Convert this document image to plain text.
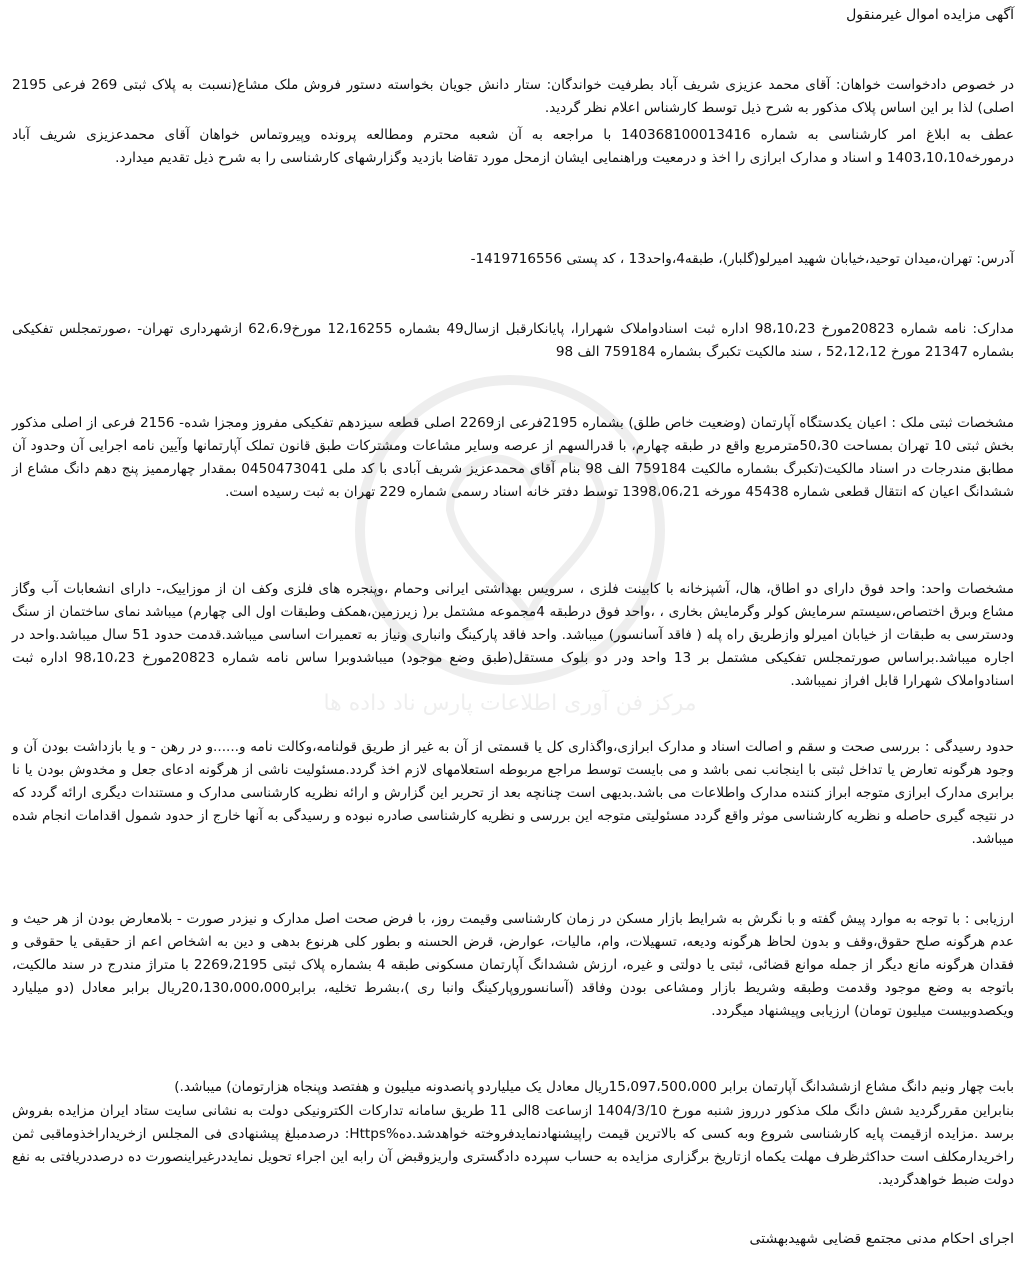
مرکز فن آوری اطلاعات پارس ناد داده ها

آگهی مزایده اموال غیرمنقول

در خصوص دادخواست خواهان: آقای محمد عزیزی شریف آباد بطرفیت خواندگان: ستار دانش جویان بخواسته دستور فروش ملک مشاع(نسبت به پلاک ثبتی 269 فرعی 2195 اصلی) لذا بر این اساس پلاک مذکور به شرح ذیل توسط کارشناس اعلام نظر گردید.

عطف به ابلاغ امر کارشناسی به شماره 140368100013416 با مراجعه به آن شعبه محترم ومطالعه پرونده وپیروتماس خواهان آقای محمدعزیزی شریف آباد درمورخه1403،10،10 و اسناد و مدارک ابرازی را اخذ و درمعیت وراهنمایی ایشان ازمحل مورد تقاضا بازدید وگزارشهای کارشناسی را به شرح ذیل تقدیم میدارد.

آدرس: تهران،میدان توحید،خیابان شهید امیرلو(گلبار)، طبقه4،واحد13 ، کد پستی 1419716556-

مدارک: نامه شماره 20823مورخ 98،10،23 اداره ثبت اسنادواملاک شهرارا، پایانکارقبل ازسال49 بشماره 12،16255 مورخ62،6،9 ازشهرداری تهران- ،صورتمجلس تفکیکی بشماره 21347 مورخ 52،12،12 ، سند مالکیت تکبرگ بشماره 759184 الف 98

مشخصات ثبتی ملک : اعیان یکدستگاه آپارتمان (وضعیت خاص طلق) بشماره 2195فرعی از2269 اصلی قطعه سیزدهم تفکیکی مفروز ومجزا شده- 2156 فرعی از اصلی مذکور بخش ثبتی 10 تهران بمساحت 50،30مترمربع واقع در طبقه چهارم، با قدرالسهم از عرصه وسایر مشاعات ومشترکات طبق قانون تملک آپارتمانها وآیین نامه اجرایی آن وحدود آن مطابق مندرجات در اسناد مالکیت(تکبرگ بشماره مالکیت 759184 الف 98 بنام آقای محمدعزیز شریف آبادی با کد ملی 0450473041 بمقدار چهارممیز پنج دهم دانگ مشاع از ششدانگ اعیان که انتقال قطعی شماره 45438 مورخه 1398،06،21 توسط دفتر خانه اسناد رسمی شماره 229 تهران به ثبت رسیده است.

مشخصات واحد: واحد فوق دارای دو اطاق، هال، آشپزخانه با کابینت فلزی ، سرویس بهداشتی ایرانی وحمام ،وپنجره های فلزی وکف ان از موزاییک،- دارای انشعابات آب وگاز مشاع وبرق اختصاص،سیستم سرمایش کولر وگرمایش بخاری ، ،واحد فوق درطبقه 4مجموعه مشتمل بر( زیرزمین،همکف وطبقات اول الی چهارم) میباشد نمای ساختمان از سنگ ودسترسی به طبقات از خیابان امیرلو وازطریق راه پله ( فاقد آسانسور) میباشد. واحد فاقد پارکینگ وانباری ونیاز به تعمیرات اساسی میباشد.قدمت حدود 51 سال میباشد.واحد در اجاره میباشد.براساس صورتمجلس تفکیکی مشتمل بر 13 واحد ودر دو بلوک مستقل(طبق وضع موجود) میباشدوبرا ساس نامه شماره 20823مورخ 98،10،23 اداره ثبت اسنادواملاک شهرارا قابل افراز نمیباشد.

حدود رسیدگی : بررسی صحت و سقم و اصالت اسناد و مدارک ابرازی،واگذاری کل یا قسمتی از آن به غیر از طریق قولنامه،وکالت نامه و......و در رهن - و یا بازداشت بودن آن و وجود هرگونه تعارض یا تداخل ثبتی با اینجانب نمی باشد و می بایست توسط مراجع مربوطه استعلامهای لازم اخذ گردد.مسئولیت ناشی از هرگونه ادعای جعل و مخدوش بودن یا نا برابری مدارک ابرازی متوجه ابراز کننده مدارک واطلاعات می باشد.بدیهی است چنانچه بعد از تحریر این گزارش و ارائه نظریه کارشناسی مدارک و مستندات دیگری ارائه گردد که در نتیجه گیری حاصله و نظریه کارشناسی موثر واقع گردد مسئولیتی متوجه این بررسی و نظریه کارشناسی صادره نبوده و رسیدگی به آنها خارج از حدود شمول اقدامات انجام شده میباشد.

ارزیابی : با توجه به موارد پیش گفته و با نگرش به شرایط بازار مسکن در زمان کارشناسی وقیمت روز، با فرض صحت اصل مدارک و نیزدر صورت - بلامعارض بودن از هر حیث و عدم هرگونه صلح حقوق،وقف و بدون لحاظ هرگونه ودیعه، تسهیلات، وام، مالیات، عوارض، قرض الحسنه و بطور کلی هرنوع بدهی و دین به اشخاص اعم از حقیقی یا حقوقی و فقدان هرگونه مانع دیگر از جمله موانع قضائی، ثبتی یا دولتی و غیره، ارزش ششدانگ آپارتمان مسکونی طبقه 4 بشماره پلاک ثبتی 2269،2195 با متراژ مندرج در سند مالکیت، باتوجه به وضع موجود وقدمت وطبقه وشریط بازار ومشاعی بودن وفاقد (آسانسوروپارکینگ وانبا ری )،بشرط تخلیه، برابر20،130،000،000ریال برابر معادل (دو میلیارد ویکصدوبیست میلیون تومان) ارزیابی وپیشنهاد میگردد.

بابت چهار ونیم دانگ مشاع ازششدانگ آپارتمان برابر 15،097،500،000ریال معادل یک میلیاردو پانصدونه میلیون و هفتصد وپنجاه هزارتومان) میباشد.)

بنابراین مقررگردید شش دانگ ملک مذکور درروز شنبه مورخ 1404/3/10 ازساعت 8الی 11 طریق سامانه تدارکات الکترونیکی دولت به نشانی سایت ستاد ایران مزایده بفروش برسد .مزایده ازقیمت پایه کارشناسی شروع وبه کسی که بالاترین قیمت راپیشنهادنمایدفروخته خواهدشد.ده%Https: درصدمبلغ پیشنهادی فی المجلس ازخریداراخذوماقبی ثمن راخریدارمکلف است حداکثرظرف مهلت یکماه ازتاریخ برگزاری مزایده به حساب سپرده دادگستری واریزوقبض آن رابه این اجراء تحویل نمایددرغیراینصورت ده درصددریافتی به نفع دولت ضبط خواهدگردید.

اجرای احکام مدنی مجتمع قضایی شهیدبهشتی
